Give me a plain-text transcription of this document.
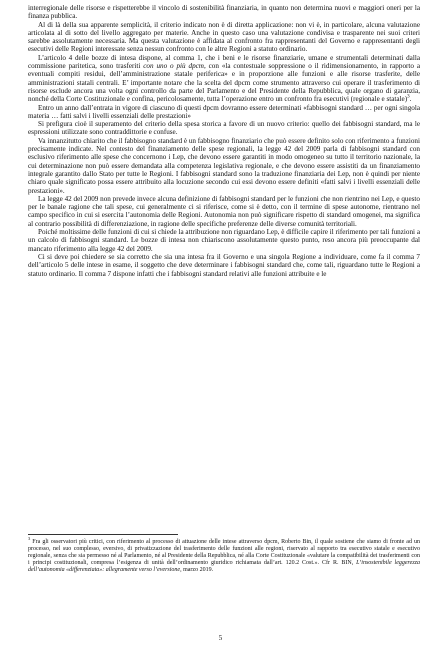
interregionale delle risorse e rispetterebbe il vincolo di sostenibilità finanziaria, in quanto non determina nuovi e maggiori oneri per la finanza pubblica.

Al di là della sua apparente semplicità, il criterio indicato non è di diretta applicazione: non vi è, in particolare, alcuna valutazione articolata al di sotto del livello aggregato per materie. Anche in questo caso una valutazione condivisa e trasparente nei suoi criteri sarebbe assolutamente necessaria. Ma questa valutazione è affidata al confronto fra rappresentanti del Governo e rappresentanti degli esecutivi delle Regioni interessate senza nessun confronto con le altre Regioni a statuto ordinario.

L’articolo 4 delle bozze di intesa dispone, al comma 1, che i beni e le risorse finanziarie, umane e strumentali determinati dalla commissione paritetica, sono trasferiti con uno o più dpcm, con «la contestuale soppressione o il ridimensionamento, in rapporto a eventuali compiti residui, dell’amministrazione statale periferica» e in proporzione alle funzioni e alle risorse trasferite, delle amministrazioni statali centrali. E’ importante notare che la scelta del dpcm come strumento attraverso cui operare il trasferimento di risorse esclude ancora una volta ogni controllo da parte del Parlamento e del Presidente della Repubblica, quale organo di garanzia, nonché della Corte Costituzionale e confina, pericolosamente, tutta l’operazione entro un confronto fra esecutivi (regionale e statale)$^3$.

Entro un anno dall’entrata in vigore di ciascuno di questi dpcm dovranno essere determinati «fabbisogni standard … per ogni singola materia … fatti salvi i livelli essenziali delle prestazioni»

Si prefigura cioè il superamento del criterio della spesa storica a favore di un nuovo criterio: quello dei fabbisogni standard, ma le espressioni utilizzate sono contraddittorie e confuse.

Va innanzitutto chiarito che il fabbisogno standard è un fabbisogno finanziario che può essere definito solo con riferimento a funzioni precisamente indicate. Nel contesto del finanziamento delle spese regionali, la legge 42 del 2009 parla di fabbisogni standard con esclusivo riferimento alle spese che concernono i Lep, che devono essere garantiti in modo omogeneo su tutto il territorio nazionale, la cui determinazione non può essere demandata alla competenza legislativa regionale, e che devono essere assistiti da un finanziamento integrale garantito dallo Stato per tutte le Regioni. I fabbisogni standard sono la traduzione finanziaria dei Lep, non è quindi per niente chiaro quale significato possa essere attribuito alla locuzione secondo cui essi devono essere definiti «fatti salvi i livelli essenziali delle prestazioni».

La legge 42 del 2009 non prevede invece alcuna definizione di fabbisogni standard per le funzioni che non rientrino nei Lep, e questo per le banale ragione che tali spese, cui generalmente ci si riferisce, come si è detto, con il termine di spese autonome, rientrano nel campo specifico in cui si esercita l’autonomia delle Regioni. Autonomia non può significare rispetto di standard omogenei, ma significa al contrario possibilità di differenziazione, in ragione delle specifiche preferenze delle diverse comunità territoriali.

Poiché moltissime delle funzioni di cui si chiede la attribuzione non riguardano Lep, è difficile capire il riferimento per tali funzioni a un calcolo di fabbisogni standard. Le bozze di intesa non chiariscono assolutamente questo punto, reso ancora più preoccupante dal mancato riferimento alla legge 42 del 2009.

Ci si deve poi chiedere se sia corretto che sia una intesa fra il Governo e una singola Regione a individuare, come fa il comma 7 dell’articolo 5 delle intese in esame, il soggetto che deve determinare i fabbisogni standard che, come tali, riguardano tutte le Regioni a statuto ordinario. Il comma 7 dispone infatti che i fabbisogni standard relativi alle funzioni attribuite e le

$^3$ Fra gli osservatori più critici, con riferimento al processo di attuazione delle intese attraverso dpcm, Roberto Bin, il quale sostiene che siamo di fronte ad un processo, nel suo complesso, eversivo, di privatizzazione del trasferimento delle funzioni alle regioni, riservato al rapporto tra esecutivo statale e esecutivo regionale, senza che sia permesso né al Parlamento, né al Presidente della Repubblica, né alla Corte Costituzionale «valutare la compatibilità dei trasferimenti con i principi costituzionali, compresa l’esigenza di unità dell’ordinamento giuridico richiamata dall’art. 120.2 Cost.». Cfr R. BIN, L’insostenibile leggerezza dell’autonomia «differenziata»: allegramente verso l’eversione, marzo 2019.

5
